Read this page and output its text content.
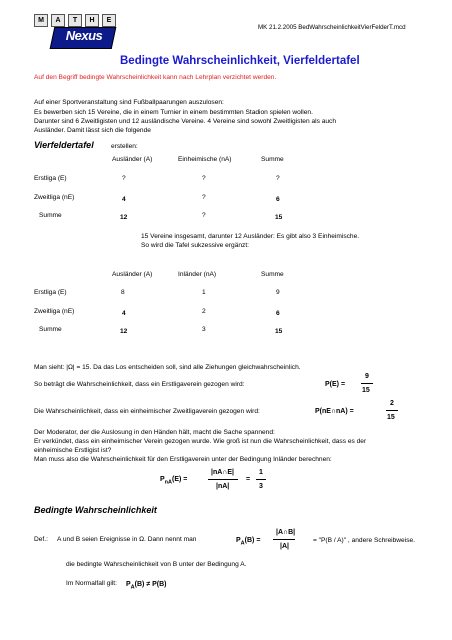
MK 21.2.2005 BedWahrscheinlichkeitVierFelderT.mcd
M	A	T	H	E
Nexus
Bedingte Wahrscheinlichkeit, Vierfeldertafel
Auf den Begriff bedingte Wahrscheinlichkeit kann nach Lehrplan verzichtet werden.
Auf einer Sportveranstaltung sind Fußballpaarungen auszulosen:
Es bewerben sich 15 Vereine, die in einem Turnier in einem bestimmten Stadion spielen wollen.
Darunter sind 6 Zweitligisten und 12 ausländische Vereine. 4 Vereine sind sowohl Zweitligisten als auch
Ausländer. Damit lässt sich die folgende
Vierfeldertafel	erstellen:
Ausländer (A)	Einheimische (nA)	Summe
Erstliga (E)	?	?	?
Zweitliga (nE)	4	?	6
Summe	12	?	15
15 Vereine insgesamt, darunter 12 Ausländer: Es gibt also 3 Einheimische.
So wird die Tafel sukzessive ergänzt:
Ausländer (A)	Inländer (nA)	Summe
Erstliga (E)	8	1	9
Zweitliga (nE)	4	2	6
Summe	12	3	15
Man sieht: |Ω| = 15. Da das Los entscheiden soll, sind alle Ziehungen gleichwahrscheinlich.
So beträgt die Wahrscheinlichkeit, dass ein Erstligaverein gezogen wird:	P(E) =
9
15
Die Wahrscheinlichkeit, dass ein einheimischer Zweitligaverein gezogen wird:	P(nE∩nA) =
2
15
Der Moderator, der die Auslosung in den Händen hält, macht die Sache spannend:
Er verkündet, dass ein einheimischer Verein gezogen wurde. Wie groß ist nun die Wahrscheinlichkeit, dass es der
einheimische Erstligist ist?
Man muss also die Wahrscheinlichkeit für den Erstligaverein unter der Bedingung Inländer berechnen:
$P_{nA}(E)$ =
|nA∩E|
|nA|
=
1
3
Bedingte Wahrscheinlichkeit
Def.: A und B seien Ereignisse in Ω. Dann nennt man	$P_A(B)$ =
|A∩B|
|A|
= "P(B / A)" , andere Schreibweise.
die bedingte Wahrscheinlichkeit von B unter der Bedingung A.
Im Normalfall gilt: $P_A(B) \ne P(B)$
